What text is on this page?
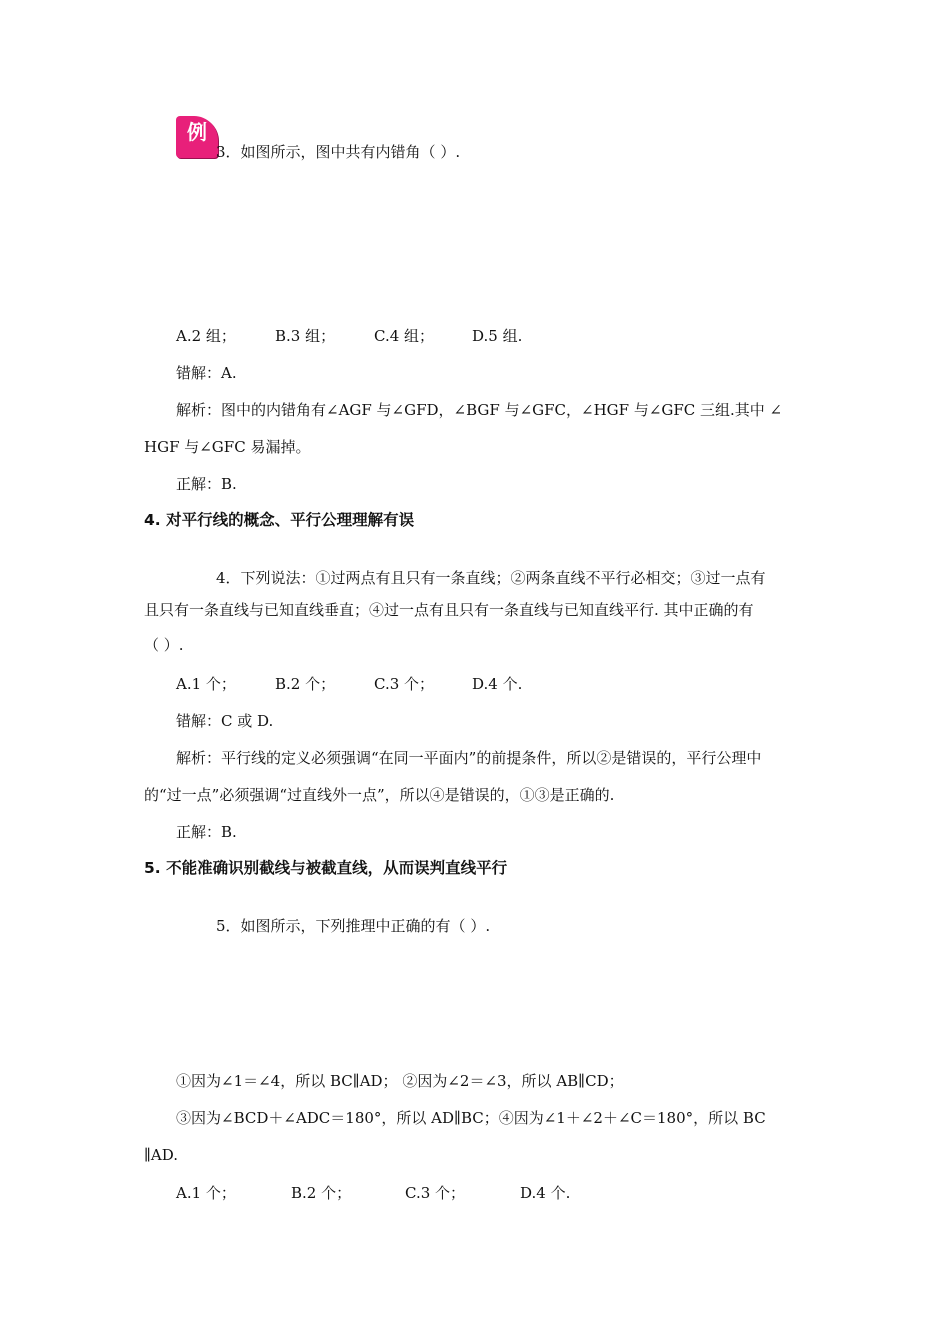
例
3．如图所示，图中共有内错角（ ）.
A.2 组；	B.3 组；	C.4 组；	D.5 组.
错解：A.
解析：图中的内错角有∠AGF 与∠GFD，∠BGF 与∠GFC，∠HGF 与∠GFC 三组.其中 ∠
HGF 与∠GFC 易漏掉。
正解：B.
4. 对平行线的概念、平行公理理解有误
4．下列说法：①过两点有且只有一条直线；②两条直线不平行必相交；③过一点有
且只有一条直线与已知直线垂直；④过一点有且只有一条直线与已知直线平行. 其中正确的有
（ ）.
A.1 个；	B.2 个；	C.3 个；	D.4 个.
错解：C 或 D.
解析：平行线的定义必须强调“在同一平面内”的前提条件，所以②是错误的，平行公理中
的“过一点”必须强调“过直线外一点”，所以④是错误的，①③是正确的.
正解：B.
5. 不能准确识别截线与被截直线，从而误判直线平行
5．如图所示，下列推理中正确的有（ ）.
①因为∠1＝∠4，所以 BC∥AD； ②因为∠2＝∠3，所以 AB∥CD；
③因为∠BCD＋∠ADC＝180°，所以 AD∥BC；④因为∠1＋∠2＋∠C＝180°，所以 BC
∥AD.
A.1 个；	B.2 个；	C.3 个；	D.4 个.
